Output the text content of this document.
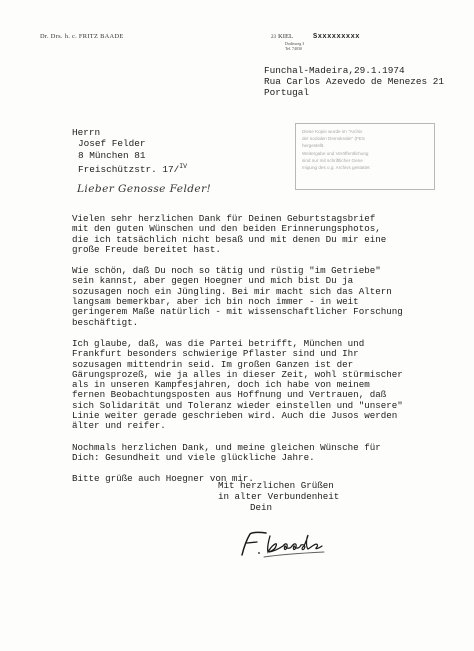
Dr. Drs. h. c. FRITZ BAADE	23 KIEL	Sxxxxxxxxx
Dodisweg 3
Tel. 74030
Funchal-Madeira,29.1.1974
Rua Carlos Azevedo de Menezes 21
Portugal
Herrn
Josef Felder
8 München 81
Freischützstr. 17/$^{IV}$
Diese Kopie wurde im "Archiv
der sozialen Demokratie" (FES
hergestellt.
Weitergabe und Veröffentlichung
sind nur mit schriftlicher Gene
migung des o.g. Archivs gestattet
Lieber Genosse Felder!
Vielen sehr herzlichen Dank für Deinen Geburtstagsbrief
mit den guten Wünschen und den beiden Erinnerungsphotos,
die ich tatsächlich nicht besaß und mit denen Du mir eine
große Freude bereitet hast.
Wie schön, daß Du noch so tätig und rüstig "im Getriebe"
sein kannst, aber gegen Hoegner und mich bist Du ja
sozusagen noch ein Jüngling. Bei mir macht sich das Altern
langsam bemerkbar, aber ich bin noch immer - in weit
geringerem Maße natürlich - mit wissenschaftlicher Forschung
beschäftigt.
Ich glaube, daß, was die Partei betrifft, München und
Frankfurt besonders schwierige Pflaster sind und Ihr
sozusagen mittendrin seid. Im großen Ganzen ist der
Gärungsprozeß, wie ja alles in dieser Zeit, wohl stürmischer
als in unseren Kampfesjahren, doch ich habe von meinem
fernen Beobachtungsposten aus Hoffnung und Vertrauen, daß
sich Solidarität und Toleranz wieder einstellen und "unsere"
Linie weiter gerade geschrieben wird. Auch die Jusos werden
älter und reifer.
Nochmals herzlichen Dank, und meine gleichen Wünsche für
Dich: Gesundheit und viele glückliche Jahre.
Bitte grüße auch Hoegner von mir.
Mit herzlichen Grüßen
in alter Verbundenheit
Dein
